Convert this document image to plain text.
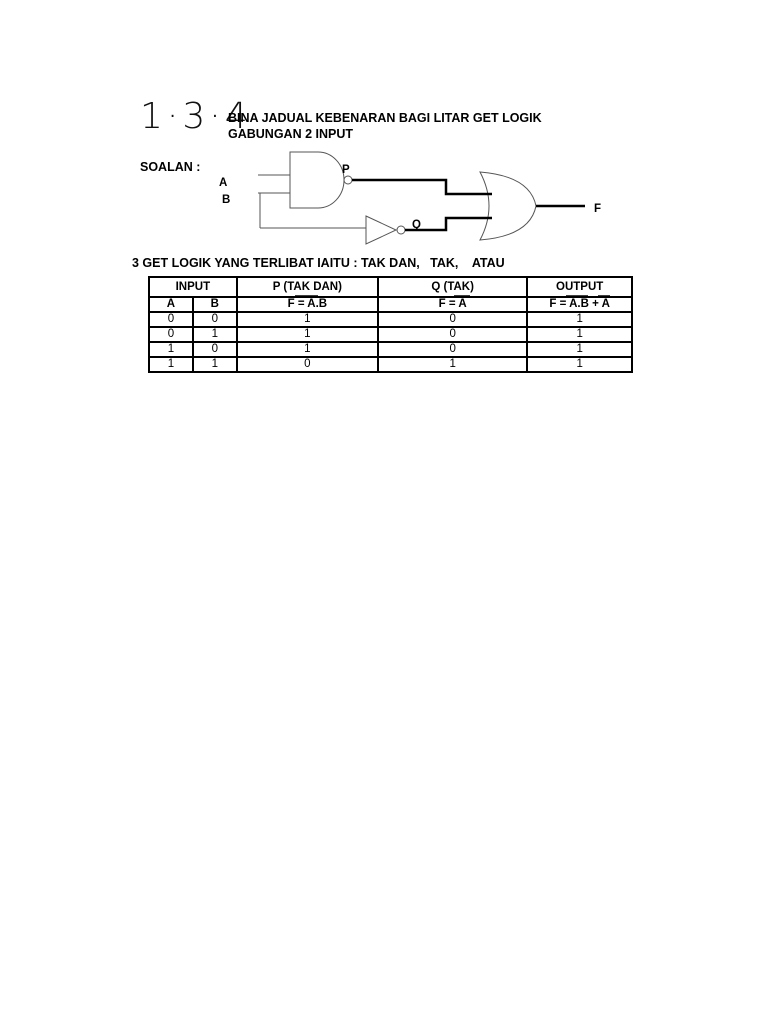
1·3·4
BINA JADUAL KEBENARAN BAGI LITAR GET LOGIK GABUNGAN 2 INPUT
SOALAN :
A
B
P
Q
F
3 GET LOGIK YANG TERLIBAT IAITU : TAK DAN,   TAK,    ATAU
INPUT		P (TAK DAN)	Q (TAK)	OUTPUT
A	B	F = A.B	F = A	F = A.B + A
0	0	1	0	1
0	1	1	0	1
1	0	1	0	1
1	1	0	1	1
